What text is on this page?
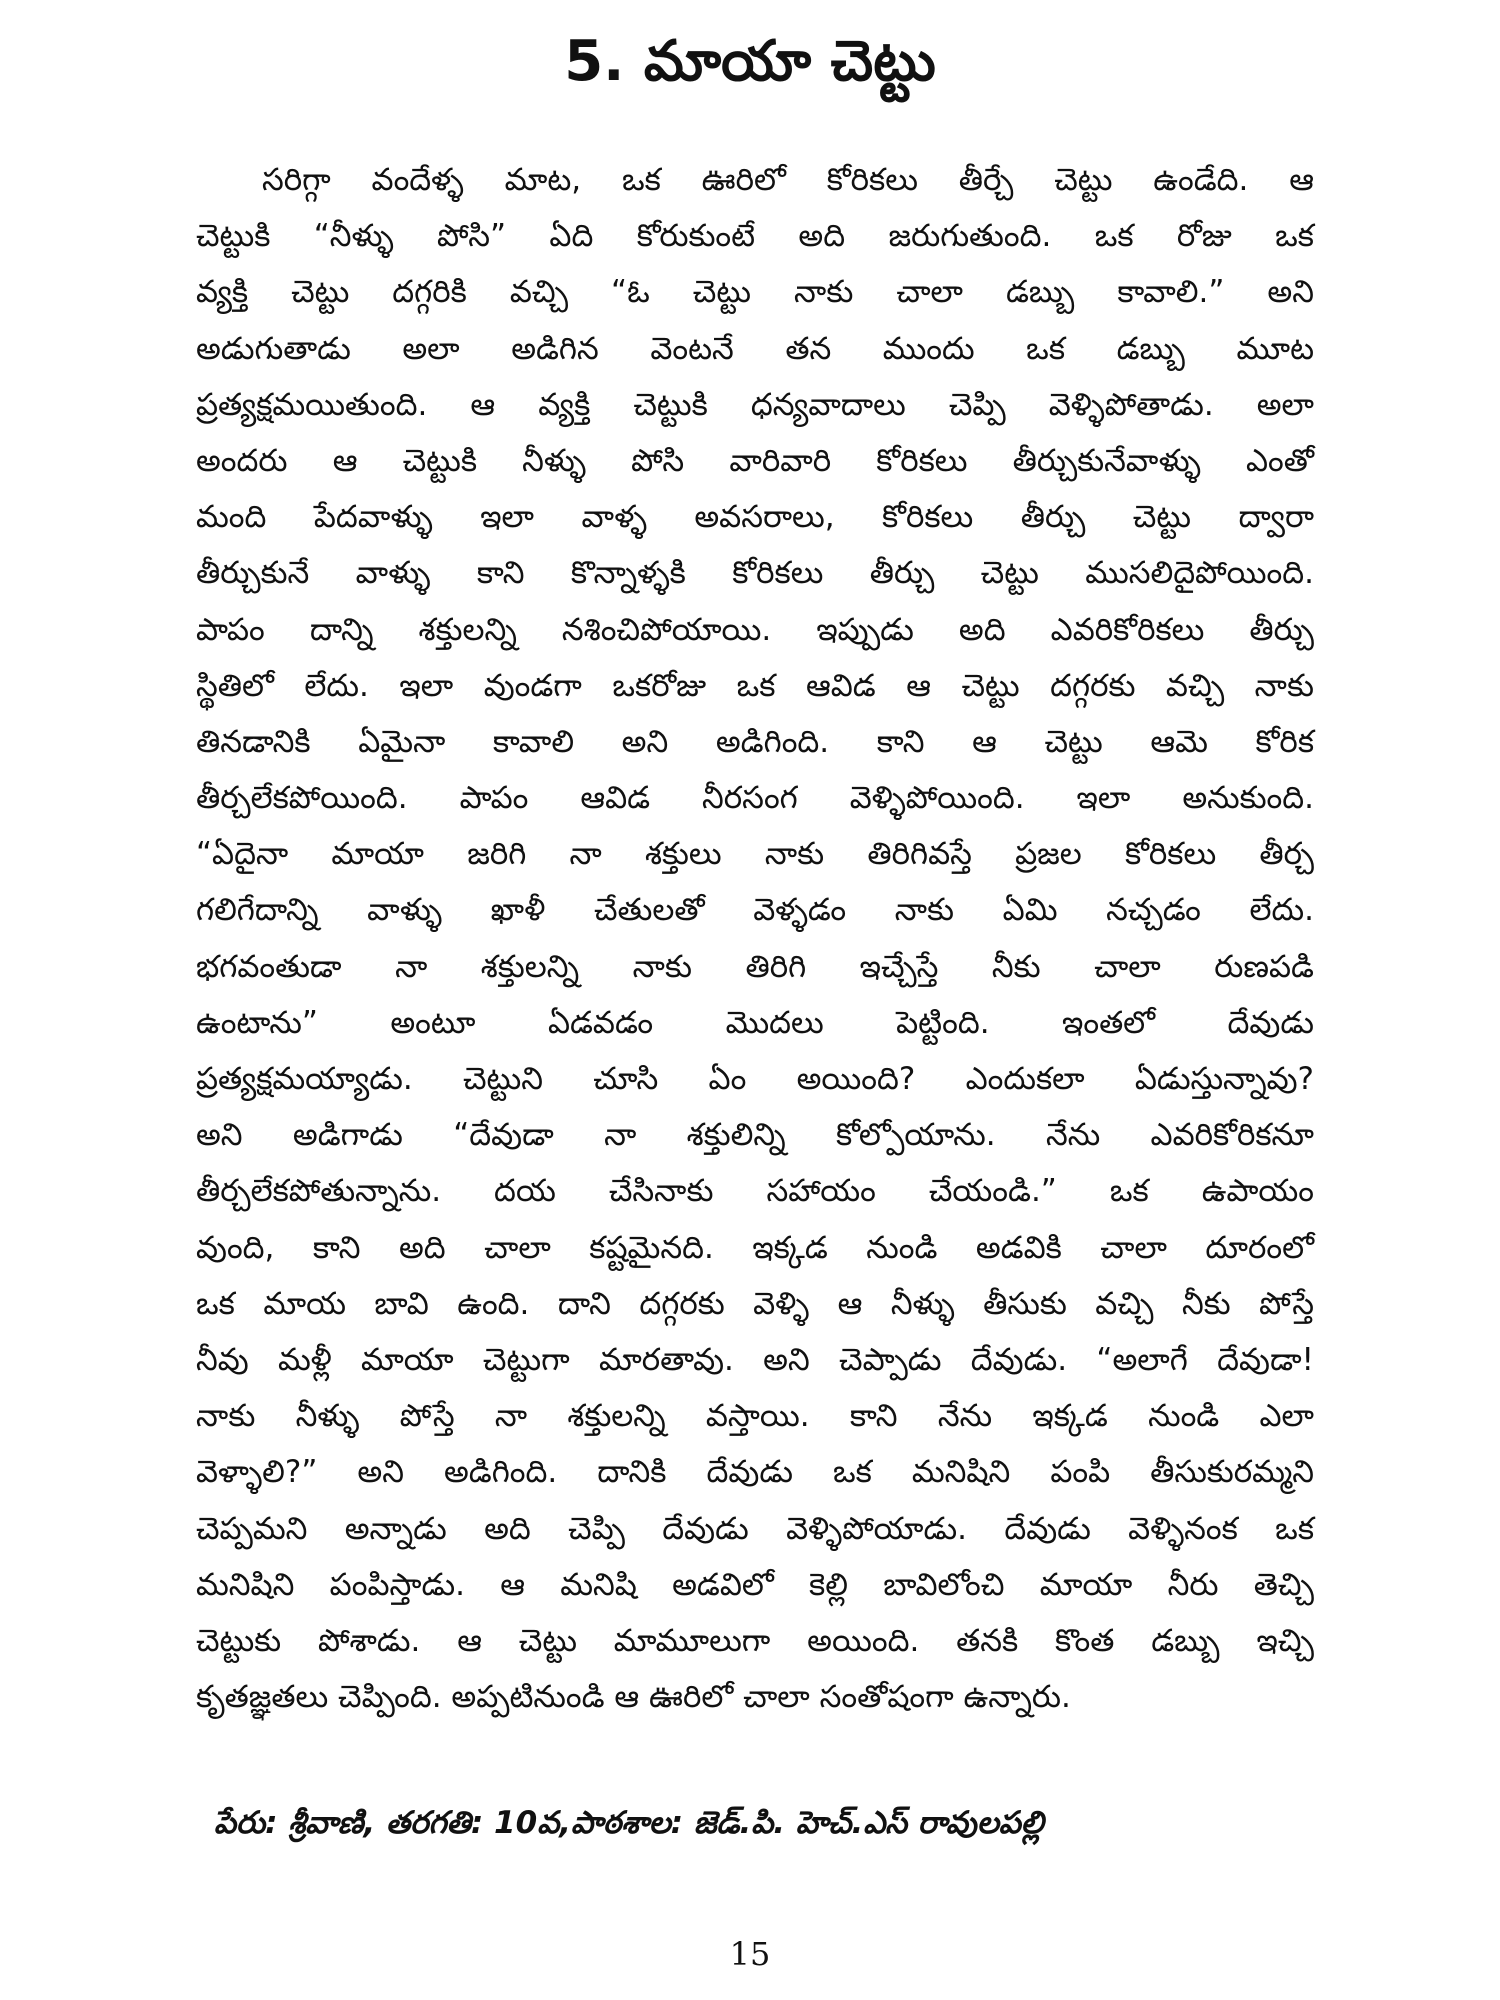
5. మాయా చెట్టు
సరిగ్గా వందేళ్ళ మాట, ఒక ఊరిలో కోరికలు తీర్చే చెట్టు ఉండేది. ఆ
చెట్టుకి “నీళ్ళు పోసి” ఏది కోరుకుంటే అది జరుగుతుంది. ఒక రోజు ఒక
వ్యక్తి చెట్టు దగ్గరికి వచ్చి “ఓ చెట్టు నాకు చాలా డబ్బు కావాలి.” అని
అడుగుతాడు అలా అడిగిన వెంటనే తన ముందు ఒక డబ్బు మూట
ప్రత్యక్షమయితుంది. ఆ వ్యక్తి చెట్టుకి ధన్యవాదాలు చెప్పి వెళ్ళిపోతాడు. అలా
అందరు ఆ చెట్టుకి నీళ్ళు పోసి వారివారి కోరికలు తీర్చుకునేవాళ్ళు ఎంతో
మంది పేదవాళ్ళు ఇలా వాళ్ళ అవసరాలు, కోరికలు తీర్చు చెట్టు ద్వారా
తీర్చుకునే వాళ్ళు కాని కొన్నాళ్ళకి కోరికలు తీర్చు చెట్టు ముసలిదైపోయింది.
పాపం దాన్ని శక్తులన్ని నశించిపోయాయి. ఇప్పుడు అది ఎవరికోరికలు తీర్చు
స్థితిలో లేదు. ఇలా వుండగా ఒకరోజు ఒక ఆవిడ ఆ చెట్టు దగ్గరకు వచ్చి నాకు
తినడానికి ఏమైనా కావాలి అని అడిగింది. కాని ఆ చెట్టు ఆమె కోరిక
తీర్చలేకపోయింది. పాపం ఆవిడ నీరసంగ వెళ్ళిపోయింది. ఇలా అనుకుంది.
“ఏదైనా మాయా జరిగి నా శక్తులు నాకు తిరిగివస్తే ప్రజల కోరికలు తీర్చ
గలిగేదాన్ని వాళ్ళు ఖాళీ చేతులతో వెళ్ళడం నాకు ఏమి నచ్చడం లేదు.
భగవంతుడా నా శక్తులన్ని నాకు తిరిగి ఇచ్చేస్తే నీకు చాలా రుణపడి
ఉంటాను” అంటూ ఏడవడం మొదలు పెట్టింది. ఇంతలో దేవుడు
ప్రత్యక్షమయ్యాడు. చెట్టుని చూసి ఏం అయింది? ఎందుకలా ఏడుస్తున్నావు?
అని అడిగాడు “దేవుడా నా శక్తులిన్ని కోల్పోయాను. నేను ఎవరికోరికనూ
తీర్చలేకపోతున్నాను. దయ చేసినాకు సహాయం చేయండి.” ఒక ఉపాయం
వుంది, కాని అది చాలా కష్టమైనది. ఇక్కడ నుండి అడవికి చాలా దూరంలో
ఒక మాయ బావి ఉంది. దాని దగ్గరకు వెళ్ళి ఆ నీళ్ళు తీసుకు వచ్చి నీకు పోస్తే
నీవు మళ్లీ మాయా చెట్టుగా మారతావు. అని చెప్పాడు దేవుడు. “అలాగే దేవుడా!
నాకు నీళ్ళు పోస్తే నా శక్తులన్ని వస్తాయి. కాని నేను ఇక్కడ నుండి ఎలా
వెళ్ళాలి?” అని అడిగింది. దానికి దేవుడు ఒక మనిషిని పంపి తీసుకురమ్మని
చెప్పమని అన్నాడు అది చెప్పి దేవుడు వెళ్ళిపోయాడు. దేవుడు వెళ్ళినంక ఒక
మనిషిని పంపిస్తాడు. ఆ మనిషి అడవిలో కెల్లి బావిలోంచి మాయా నీరు తెచ్చి
చెట్టుకు పోశాడు. ఆ చెట్టు మామూలుగా అయింది. తనకి కొంత డబ్బు ఇచ్చి
కృతజ్ఞతలు చెప్పింది. అప్పటినుండి ఆ ఊరిలో చాలా సంతోషంగా ఉన్నారు.

పేరు: శ్రీవాణి, తరగతి: 10వ,పాఠశాల: జెడ్.పి. హెచ్.ఎస్ రావులపల్లి

15
